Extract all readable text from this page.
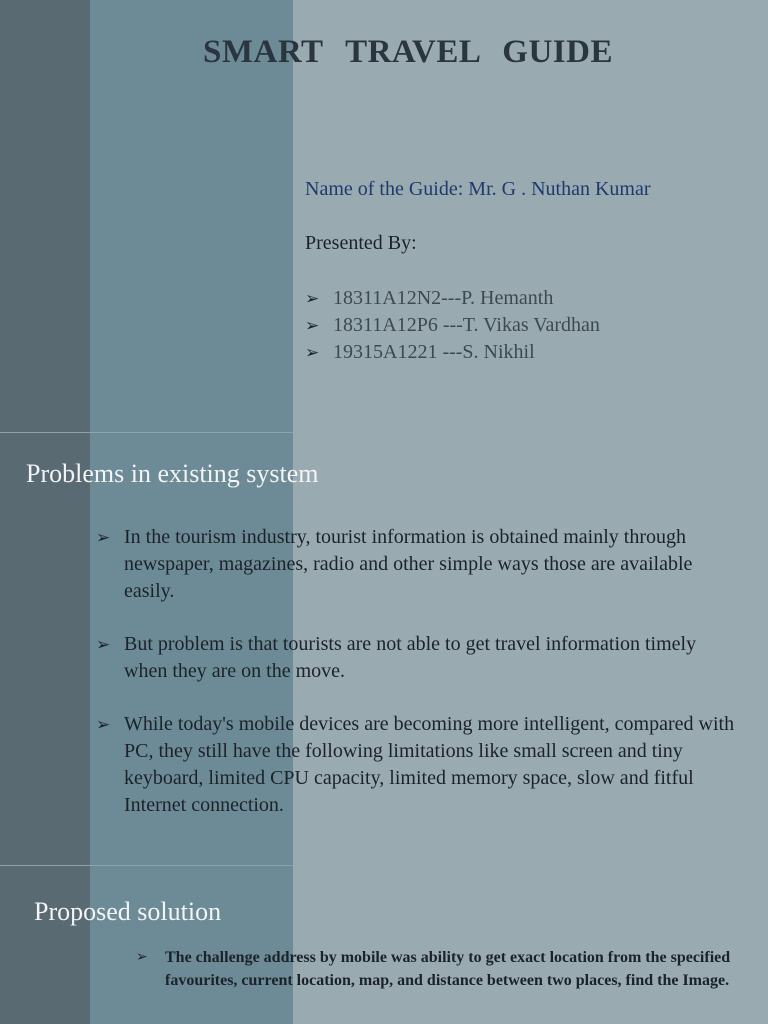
SMART TRAVEL GUIDE
Name of the Guide: Mr. G . Nuthan Kumar
Presented By:
➢ 18311A12N2---P. Hemanth
➢ 18311A12P6 ---T. Vikas Vardhan
➢ 19315A1221 ---S. Nikhil
Problems in existing system
➢ In the tourism industry, tourist information is obtained mainly through newspaper, magazines, radio and other simple ways those are available easily.
➢ But problem is that tourists are not able to get travel information timely when they are on the move.
➢ While today's mobile devices are becoming more intelligent, compared with PC, they still have the following limitations like small screen and tiny keyboard, limited CPU capacity, limited memory space, slow and fitful Internet connection.
Proposed solution
➢ The challenge address by mobile was ability to get exact location from the specified favourites, current location, map, and distance between two places, find the Image.
